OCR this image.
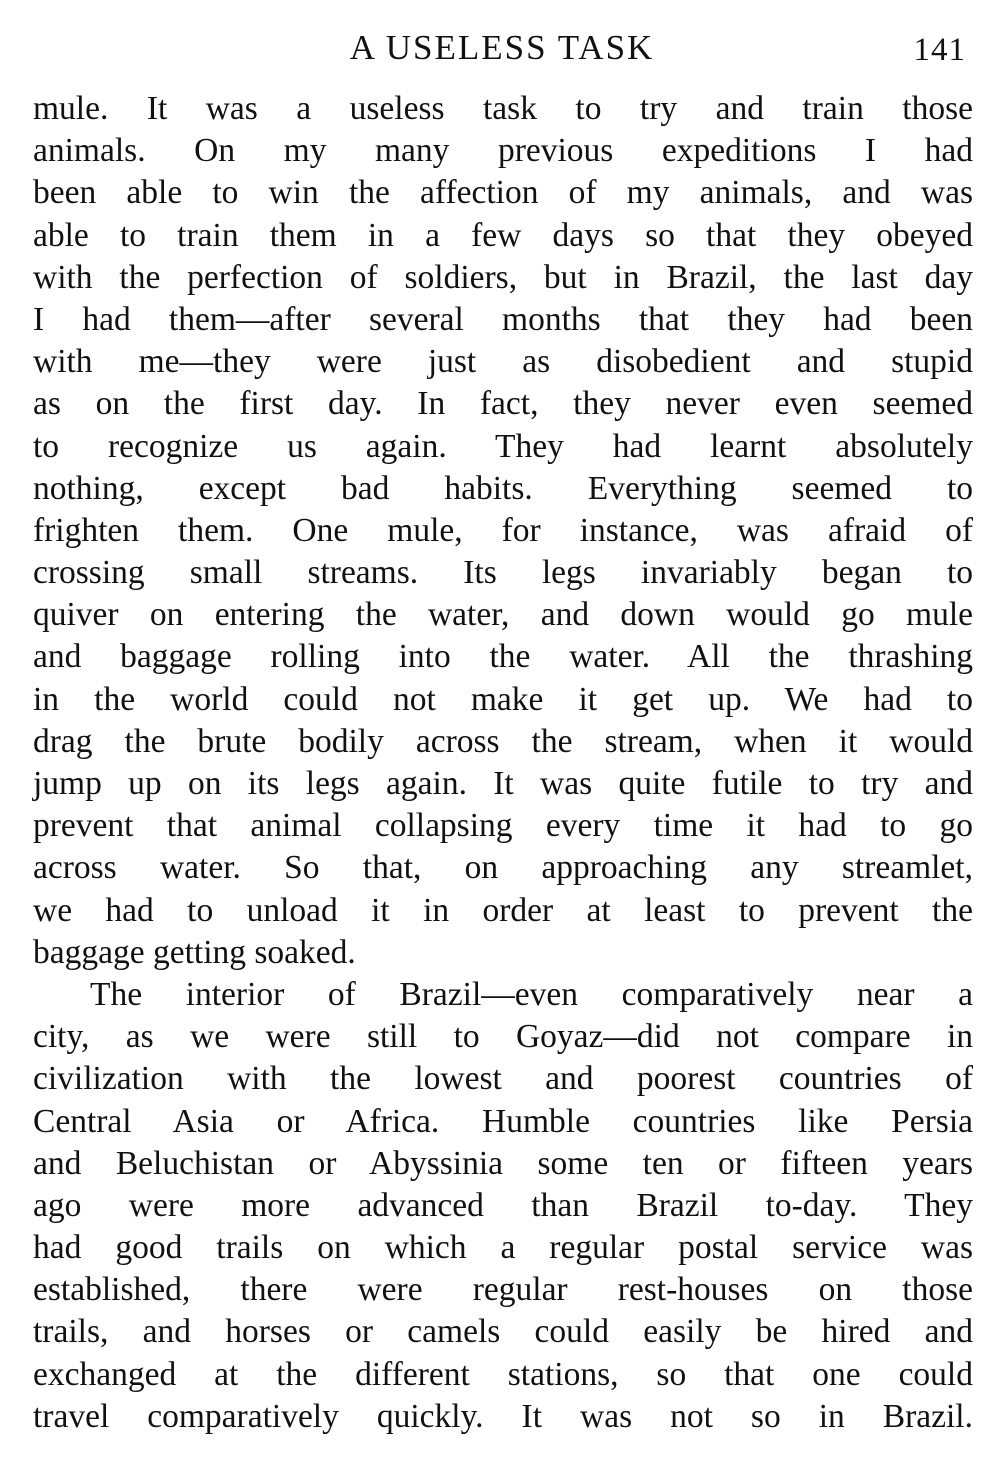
A USELESS TASK	141
mule. It was a useless task to try and train those
animals. On my many previous expeditions I had
been able to win the affection of my animals, and was
able to train them in a few days so that they obeyed
with the perfection of soldiers, but in Brazil, the last day
I had them—after several months that they had been
with me—they were just as disobedient and stupid
as on the first day. In fact, they never even seemed
to recognize us again. They had learnt absolutely
nothing, except bad habits. Everything seemed to
frighten them. One mule, for instance, was afraid of
crossing small streams. Its legs invariably began to
quiver on entering the water, and down would go mule
and baggage rolling into the water. All the thrashing
in the world could not make it get up. We had to
drag the brute bodily across the stream, when it would
jump up on its legs again. It was quite futile to try and
prevent that animal collapsing every time it had to go
across water. So that, on approaching any streamlet,
we had to unload it in order at least to prevent the
baggage getting soaked.
The interior of Brazil—even comparatively near a
city, as we were still to Goyaz—did not compare in
civilization with the lowest and poorest countries of
Central Asia or Africa. Humble countries like Persia
and Beluchistan or Abyssinia some ten or fifteen years
ago were more advanced than Brazil to-day. They
had good trails on which a regular postal service was
established, there were regular rest-houses on those
trails, and horses or camels could easily be hired and
exchanged at the different stations, so that one could
travel comparatively quickly. It was not so in Brazil.
